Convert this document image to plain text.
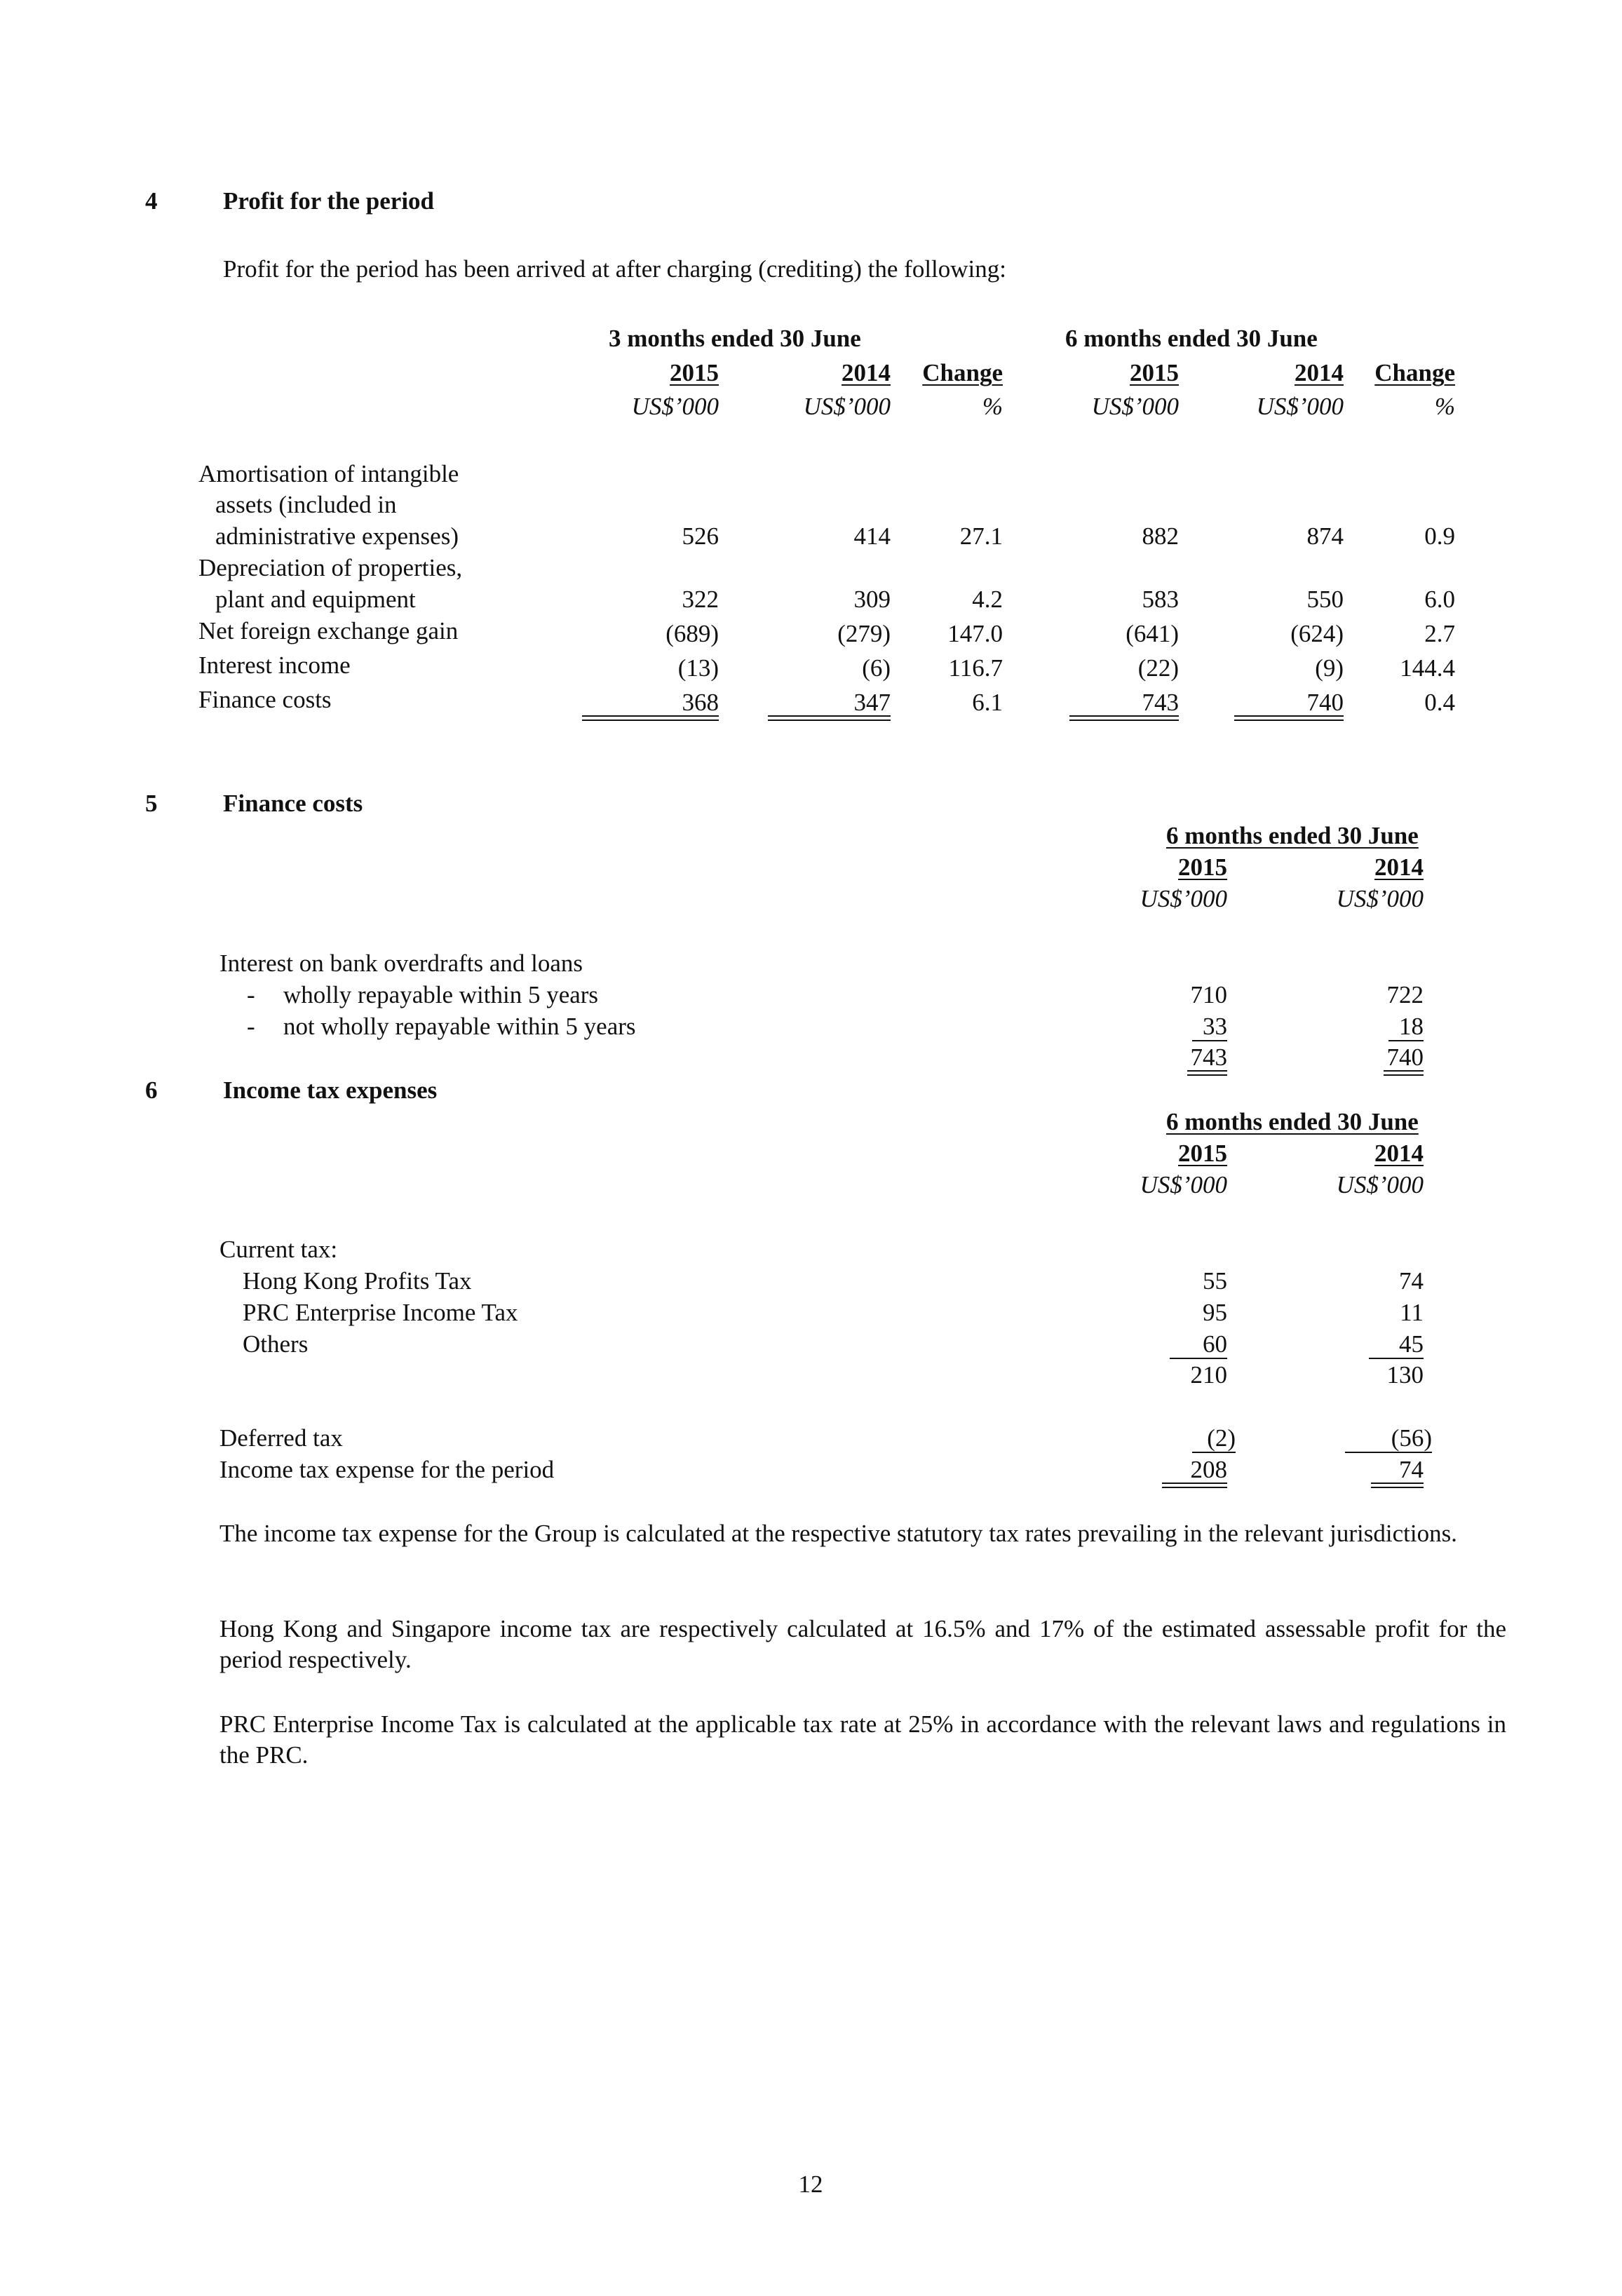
4	Profit for the period
Profit for the period has been arrived at after charging (crediting) the following:
3 months ended 30 June	6 months ended 30 June
2015	2014	Change	2015	2014	Change
US$’000	US$’000	%	US$’000	US$’000	%
Amortisation of intangible
assets (included in
administrative expenses)	526	414	27.1	882	874	0.9
Depreciation of properties,
plant and equipment	322	309	4.2	583	550	6.0
Net foreign exchange gain	(689)	(279)	147.0	(641)	(624)	2.7
Interest income	(13)	(6)	116.7	(22)	(9)	144.4
Finance costs	368	347	6.1	743	740	0.4
5	Finance costs
6 months ended 30 June
2015	2014
US$’000	US$’000
Interest on bank overdrafts and loans
- wholly repayable within 5 years	710	722
- not wholly repayable within 5 years	33	18
743	740
6	Income tax expenses
6 months ended 30 June
2015	2014
US$’000	US$’000
Current tax:
Hong Kong Profits Tax	55	74
PRC Enterprise Income Tax	95	11
Others	60	45
210	130
Deferred tax	(2)	(56)
Income tax expense for the period	208	74
The income tax expense for the Group is calculated at the respective statutory tax rates prevailing in the relevant jurisdictions.
Hong Kong and Singapore income tax are respectively calculated at 16.5% and 17% of the estimated assessable profit for the period respectively.
PRC Enterprise Income Tax is calculated at the applicable tax rate at 25% in accordance with the relevant laws and regulations in the PRC.
12
